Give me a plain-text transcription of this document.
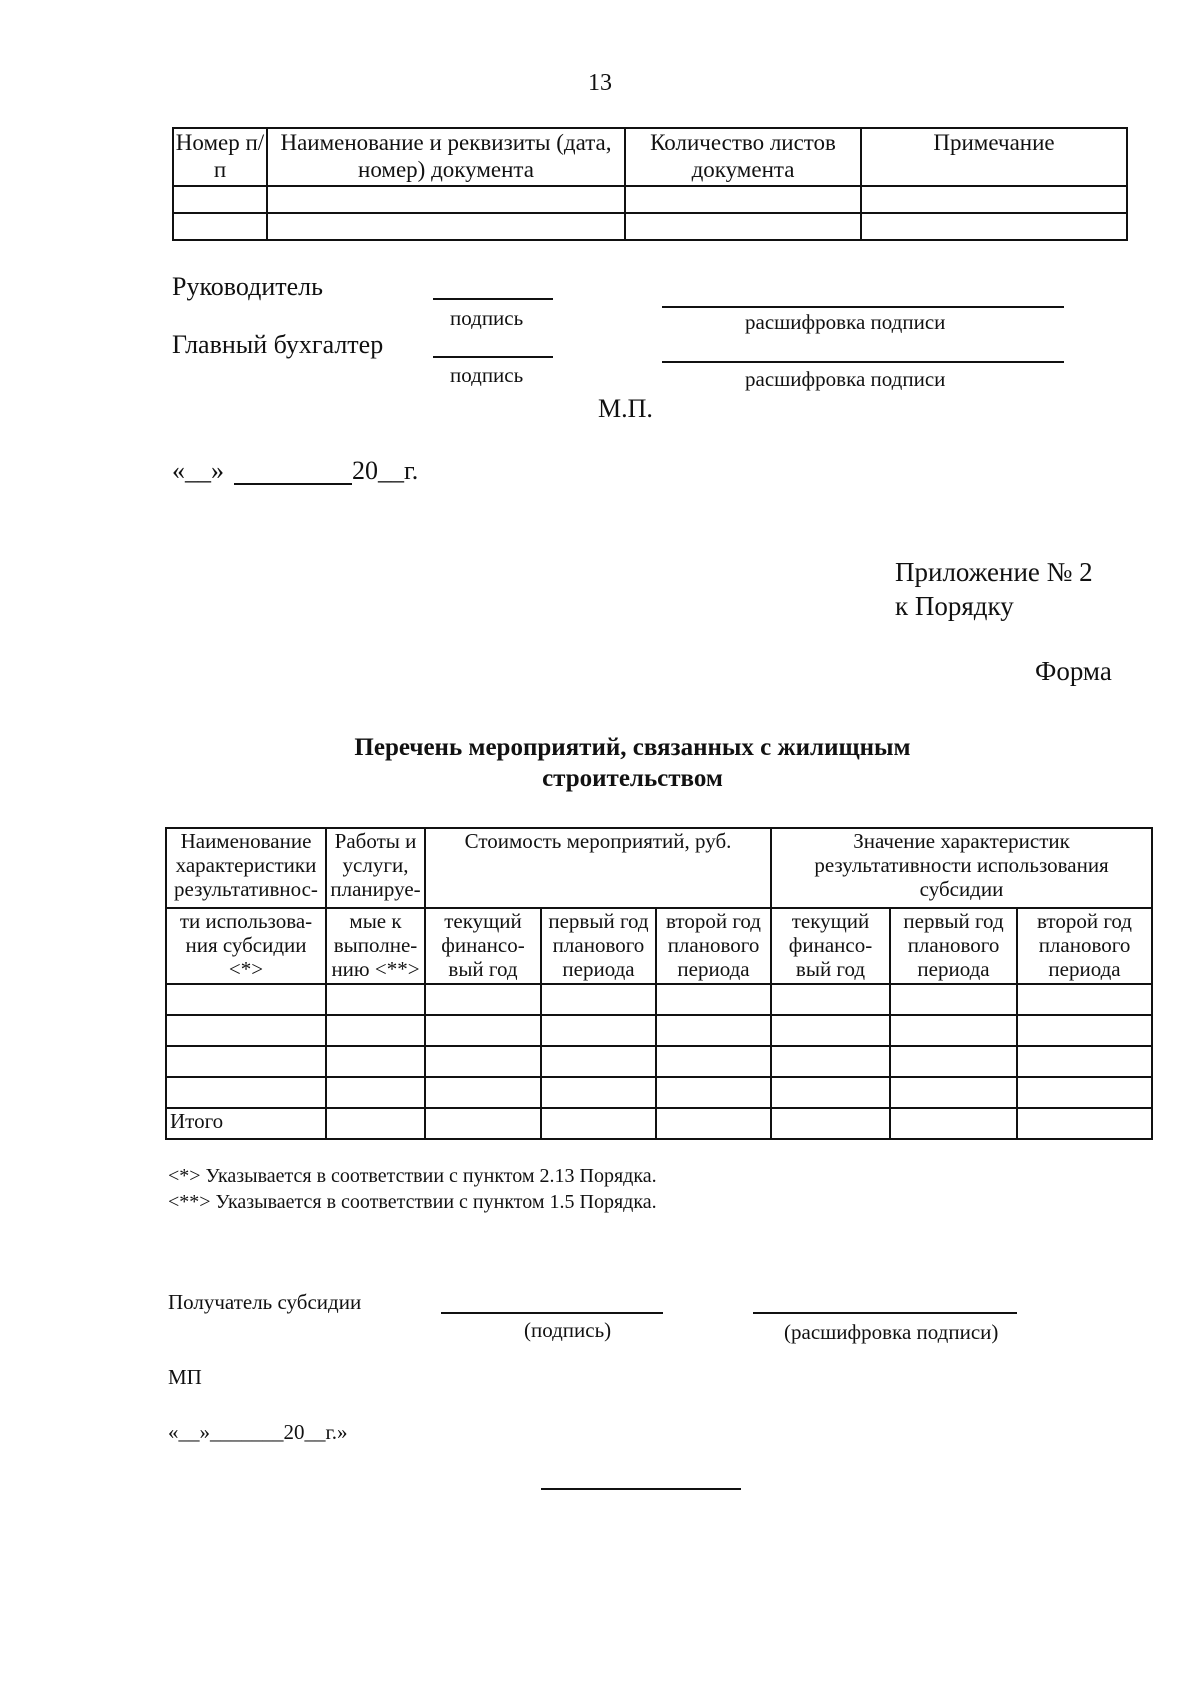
13
Номер п/п	Наименование и реквизиты (дата, номер) документа	Количество листов документа	Примечание

Руководитель
подпись	расшифровка подписи
Главный бухгалтер
подпись	расшифровка подписи
М.П.
«__»	20__г.
Приложение № 2
к Порядку
Форма
Перечень мероприятий, связанных с жилищным
строительством
Наименование характеристики результативнос-	Работы и услуги, планируе-	Стоимость мероприятий, руб.			Значение характеристик результативности использования субсидии		
ти использова-ния субсидии <*>	мые к выполне-нию <**>	текущий финансо-вый год	первый год планового периода	второй год планового периода	текущий финансо-вый год	первый год планового периода	второй год планового периода

Итого							
<*> Указывается в соответствии с пунктом 2.13 Порядка.
<**> Указывается в соответствии с пунктом 1.5 Порядка.
Получатель субсидии
(подпись)	(расшифровка подписи)
МП
«__»_______20__г.»
